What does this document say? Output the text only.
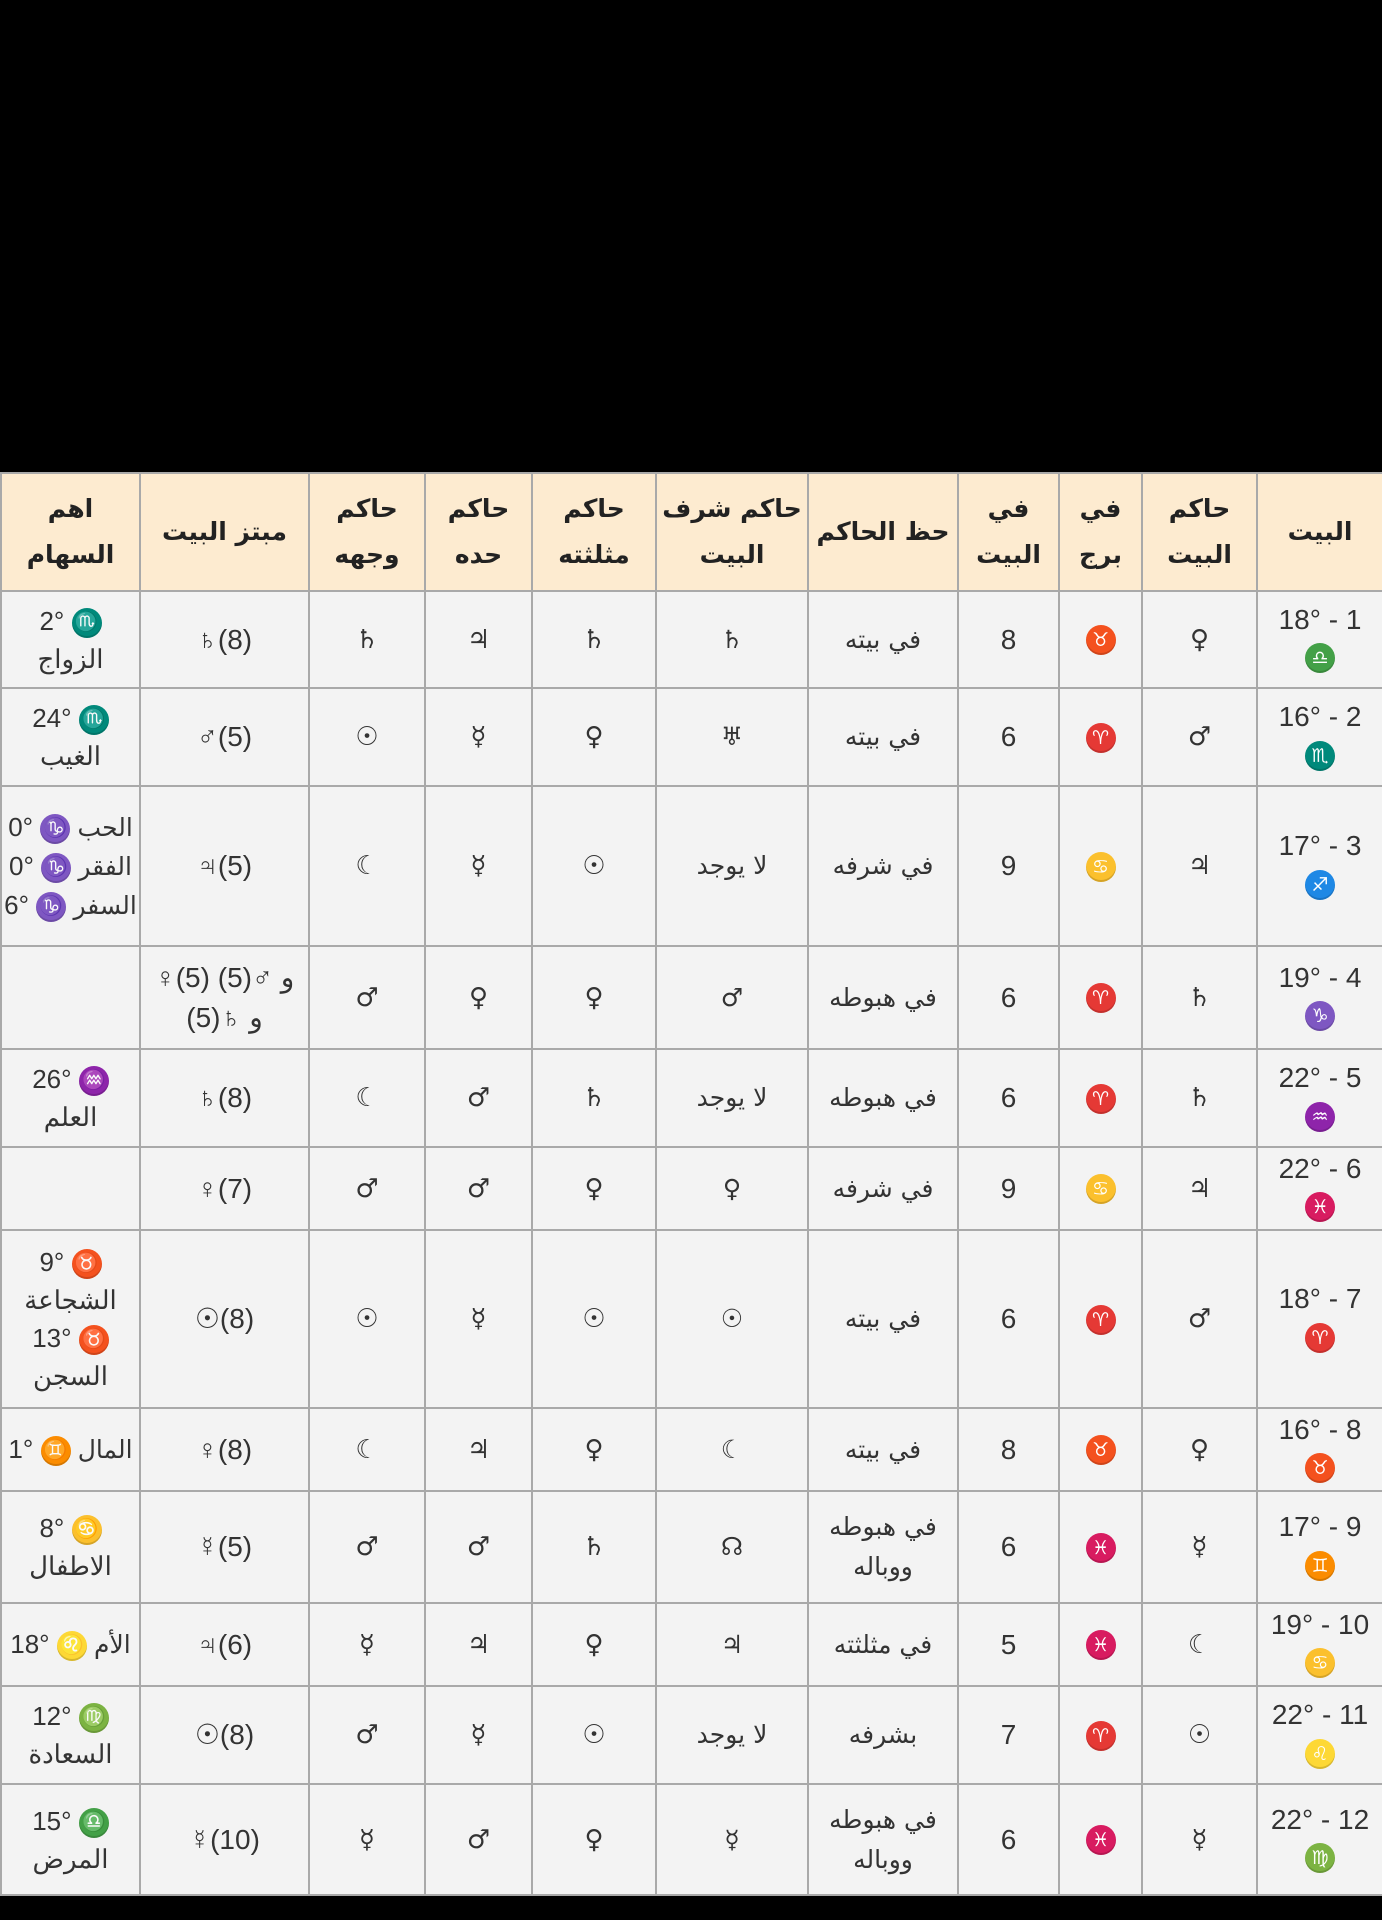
البيت	حاكم البيت	في برج	في البيت	حظ الحاكم	حاكم شرف البيت	حاكم مثلثته	حاكم حده	حاكم وجهه	مبتز البيت	اهم السهام

18° - 1
♎	♀	♉	8	في بيته	♄	♄	♃	♄	♄(8)	♏ 2°
الزواج

16° - 2
♏	♂	♈	6	في بيته	♅	♀	☿	☉	♂(5)	♏ 24°
الغيب

17° - 3
♐	♃	♋	9	في شرفه	لا يوجد	☉	☿	☾	♃(5)	الحب ♑ 0°
الفقر ♑ 0°
السفر ♑ 6°

19° - 4
♑	♄	♈	6	في هبوطه	♂	♀	♀	♂	♀(5) و ♂(5) و ♄(5)	

22° - 5
♒	♄	♈	6	في هبوطه	لا يوجد	♄	♂	☾	♄(8)	♒ 26°
العلم

22° - 6
♓	♃	♋	9	في شرفه	♀	♀	♂	♂	♀(7)	

18° - 7
♈	♂	♈	6	في بيته	☉	☉	☿	☉	☉(8)	♉ 9°
الشجاعة
♉ 13°
السجن

16° - 8
♉	♀	♉	8	في بيته	☾	♀	♃	☾	♀(8)	المال ♊ 1°

17° - 9
♊	☿	♓	6	في هبوطه ووباله	☊	♄	♂	♂	☿(5)	♋ 8°
الاطفال

19° - 10
♋	☾	♓	5	في مثلثته	♃	♀	♃	☿	♃(6)	الأم ♌ 18°

22° - 11
♌	☉	♈	7	بشرفه	لا يوجد	☉	☿	♂	☉(8)	♍ 12°
السعادة

22° - 12
♍	☿	♓	6	في هبوطه ووباله	☿	♀	♂	☿	☿(10)	♎ 15°
المرض
